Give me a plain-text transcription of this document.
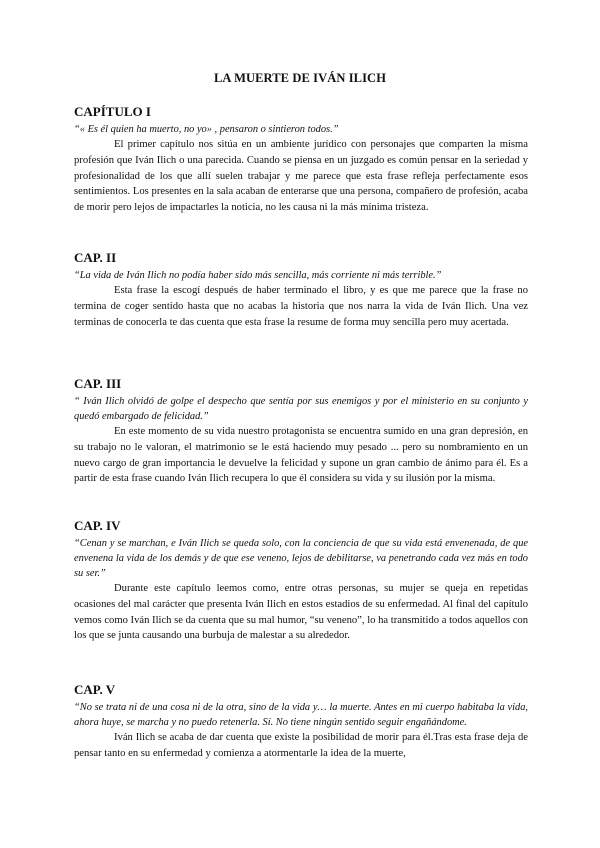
LA MUERTE DE IVÁN ILICH

CAPÍTULO I

“« Es él quien ha muerto, no yo» , pensaron o sintieron todos.”

El primer capítulo nos sitúa en un ambiente jurídico con personajes que comparten la misma profesión que Iván Ilich o una parecida. Cuando se piensa en un juzgado es común pensar en la seriedad y profesionalidad de los que allí suelen trabajar y me parece que esta frase refleja perfectamente esos sentimientos. Los presentes en la sala acaban de enterarse que una persona, compañero de profesión, acaba de morir pero lejos de impactarles la noticia, no les causa ni la más mínima tristeza.

CAP. II

“La vida de Iván Ilich no podía haber sido más sencilla, más corriente ni más terrible.”

Esta frase la escogí después de haber terminado el libro, y es que me parece que la frase no termina de coger sentido hasta que no acabas la historia que nos narra la vida de Iván Ilich. Una vez terminas de conocerla te das cuenta que esta frase la resume de forma muy sencilla pero muy acertada.

CAP. III

“ Iván Ilich olvidó de golpe el despecho que sentía por sus enemigos y por el ministerio en su conjunto y quedó embargado de felicidad.”

En este momento de su vida nuestro protagonista se encuentra sumido en una gran depresión, en su trabajo no le valoran, el matrimonio se le está haciendo muy pesado ... pero su nombramiento en un nuevo cargo de gran importancia le devuelve la felicidad y supone un gran cambio de ánimo para él. Es a partir de esta frase cuando Iván Ilich recupera lo que él considera su vida y su ilusión por la misma.

CAP. IV

“Cenan y se marchan, e Iván Ilich se queda solo, con la conciencia de que su vida está envenenada, de que envenena la vida de los demás y de que ese veneno, lejos de debilitarse, va penetrando cada vez más en todo su ser.”

Durante este capítulo leemos como, entre otras personas, su mujer se queja en repetidas ocasiones del mal carácter que presenta Iván Ilich en estos estadios de su enfermedad. Al final del capítulo vemos como Iván Ilich se da cuenta que su mal humor, “su veneno”, lo ha transmitido a todos aquellos con los que se junta causando una burbuja de malestar a su alrededor.

CAP. V

“No se trata ni de una cosa ni de la otra, sino de la vida y… la muerte. Antes en mi cuerpo habitaba la vida, ahora huye, se marcha y no puedo retenerla. Sí. No tiene ningún sentido seguir engañándome.

Iván Ilich se acaba de dar cuenta que existe la posibilidad de morir para él.Tras esta frase deja de pensar tanto en su enfermedad y comienza a atormentarle la idea de la muerte,
